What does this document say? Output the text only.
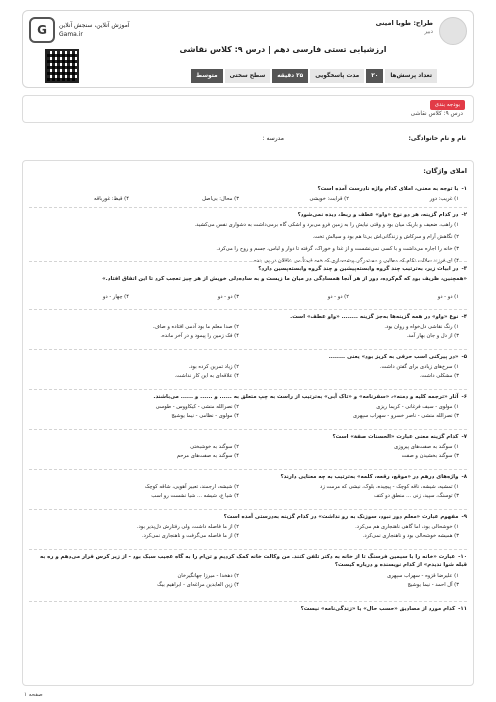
طراح: طوبا امینی
دبیر
G	آموزش آنلاین، سنجش آنلاین
Gama.ir
ارزشیابی تستی فارسی دهم | درس ۹: کلاس نقاشی
تعداد پرسش‌ها
۲۰
مدت پاسخگویی
۲۵ دقیقه
سطح سختی
متوسط
بودجه بندی
درس ۹: کلاس نقاشی
نام و نام خانوادگی:
مدرسه :
املای واژگان:
۱-با توجه به معنی، املای کدام واژه نادرست آمده است؟
۱) غریب: دور
۲) قرابت: خویشی
۳) محال: بی‌اصل
۴) قیظ: غورباقه
۲-در کدام گزینه، هر دو نوع «واو» عطف و ربط، دیده نمی‌شود؟
۱) راهب، ضعیف و باریک میان بود و وقتی نیایش را به زمین فرو می‌برد و اشکی گاه برمی‌داشت به دشواری نفس می‌کشید.
۲) نگاهش آرام و سرکاش و زندگانی‌اش بی‌تا هم بود و سیالش تخت.
۳) خانه را اجاره می‌داشت و با کسی نمی‌نشست و از غذا و خوراک، گرفته تا دوار و لباس، جسم و روح را می‌کرد.
۴) ای فرزند سلالت تکلم که مطلبی و مستمرگی پیشه‌سازی که همه قیمتاً می عاقلان در پی بنده...
۳-در ابیات زیر، به‌ترتیب چند گروه وابسته‌پیشین و چند گروه وابسته‌پسین دارد؟
«همچنین، ظریف بود که گم‌کرده، دور از هر آنجا همسادگی در میان ما زیست و به ساده‌دلی خویش از هر چیز تعجب کرد تا این اتفاق افتاد.»
۱) دو - دو
۲) دو - دو
۳) دو - دو
۴) چهار - دو
۴-نوع «واو» در همه گزینه‌ها به‌جز گزینه ........ «واو عطف» است.
۱) رنگ نقاشی دل‌خواه و روان بود.
۲) صدا معلم ما بود آدمی افتاده و صاف.
۳) از دل و جان بهار آمد.
۴) فک زمین را پیمود و در آخر مانده.
۵-«در پیرکنی اسب حرفی به کریز بود» یعنی ........
۱) سرخ‌های زیادی برای گفتن داشت.
۲) زیاد تمرین کرده بود.
۳) مشکلی داشت.
۴) علاقه‌ای به این کار نداشت.
۶-آثار «ترجمه کلیه و دمنه»، «سفرنامه» و «تاک آبی» به‌ترتیب از راست به چپ متعلق به ...... و ...... و ...... می‌باشند.
۱) مولوی - سیف فرغانی - کریما ریزی
۲) نصرالله منشی - کیکاووس - طوسی
۳) نصرالله منشی - ناصر خسرو - سهراب سپهری
۴) مولوی - نظامی - نیما یوشیج
۷-کدام گزینه معنی عبارت «الحسنات صفة» است؟
۱) سوگند به صفت‌های پیروزی
۲) سوگند به‌ خوشبختی
۳) سوگند بخشیدن و صفت
۴) سوگند به صفت‌های مرحم
۸-واژه‌های درهم در «موقع، رقعه، کلمه» به‌ترتیب به چه معنایی دارند؟
۱) تمشیه، شیشه، ناقه کوچک - پیچیده، بلوک، نیشی که مرمت زد
۲) شیشه، ارجمند، تعبیر آهویی، شاقه کوچک
۳) توسنگ، سپید، زنی ... منطق دو کتف
۴) شیا ع، شیشه ... شیا نشست رو اسب
۹-مفهوم عبارت «معلم دور نبود، سوزنک به رو نداشت» در کدام گزینه به‌درستی آمده است؟
۱) خوشحالی بود، اما گاهی ناهنجاری هم می‌کرد.
۲) از ما فاصله داشت، ولی رفتارش دل‌پذیر بود.
۳) همیشه خوشحالی بود و ناهنجاری نمی‌کرد.
۴) از ما فاصله می‌گرفت و ناهنجاری نمی‌کرد.
۱۰-عبارت «خانه را با سیمین فرسنگ تا از خانه به دکتر تلفن کنند. من وکالت خانه کمک کردیم و تن‌ام را به گاه عجیب سبک بود - از زیر کرس فرار می‌دهم و ره به قبله شوا ندیدم» از کدام نویسنده و درباره کیست؟
۱) علیرضا قزوه - سهراب سپهری
۲) دهخدا - میرزا جهانگیرخان
۳) آل احمد - نیما یوشیج
۴) زین العابدین مراغه‌ای - ابراهیم بیگ
۱۱-کدام مورد از مصادیق «حسب حال» یا «زندگی‌نامه» نیست؟
صفحه ۱
